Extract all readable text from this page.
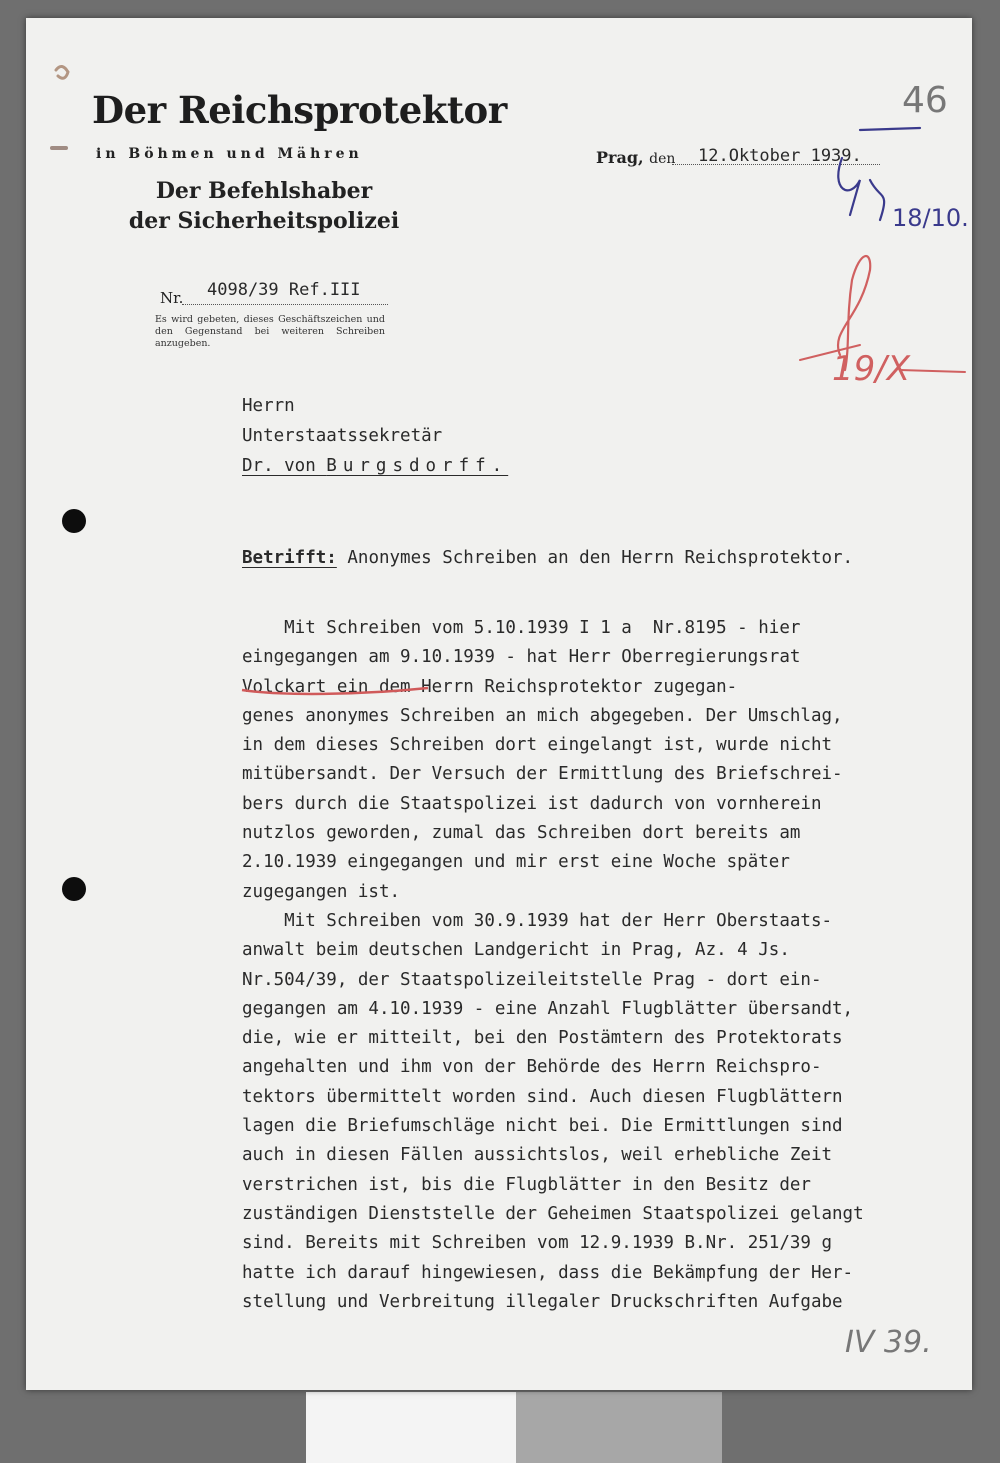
Der Reichsprotektor
in Böhmen und Mähren
Der Befehlshaber
der Sicherheitspolizei
Nr. 4098/39 Ref.III
Es wird gebeten, dieses Geschäftszeichen und den Gegenstand bei weiteren Schreiben anzugeben.
Prag, den 12.Oktober 1939.
Herrn
Unterstaatssekretär
Dr. von Burgsdorff.
Betrifft: Anonymes Schreiben an den Herrn Reichsprotektor.
Mit Schreiben vom 5.10.1939 I 1 a  Nr.8195 - hier
eingegangen am 9.10.1939 - hat Herr Oberregierungsrat
Volckart ein dem Herrn Reichsprotektor zugegan-
genes anonymes Schreiben an mich abgegeben. Der Umschlag,
in dem dieses Schreiben dort eingelangt ist, wurde nicht
mitübersandt. Der Versuch der Ermittlung des Briefschrei-
bers durch die Staatspolizei ist dadurch von vornherein
nutzlos geworden, zumal das Schreiben dort bereits am
2.10.1939 eingegangen und mir erst eine Woche später
zugegangen ist.
Mit Schreiben vom 30.9.1939 hat der Herr Oberstaats-
anwalt beim deutschen Landgericht in Prag, Az. 4 Js.
Nr.504/39, der Staatspolizeileitstelle Prag - dort ein-
gegangen am 4.10.1939 - eine Anzahl Flugblätter übersandt,
die, wie er mitteilt, bei den Postämtern des Protektorats
angehalten und ihm von der Behörde des Herrn Reichspro-
tektors übermittelt worden sind. Auch diesen Flugblättern
lagen die Briefumschläge nicht bei. Die Ermittlungen sind
auch in diesen Fällen aussichtslos, weil erhebliche Zeit
verstrichen ist, bis die Flugblätter in den Besitz der
zuständigen Dienststelle der Geheimen Staatspolizei gelangt
sind. Bereits mit Schreiben vom 12.9.1939 B.Nr. 251/39 g
hatte ich darauf hingewiesen, dass die Bekämpfung der Her-
stellung und Verbreitung illegaler Druckschriften Aufgabe
46
18/10.
19/X
IV 39.
